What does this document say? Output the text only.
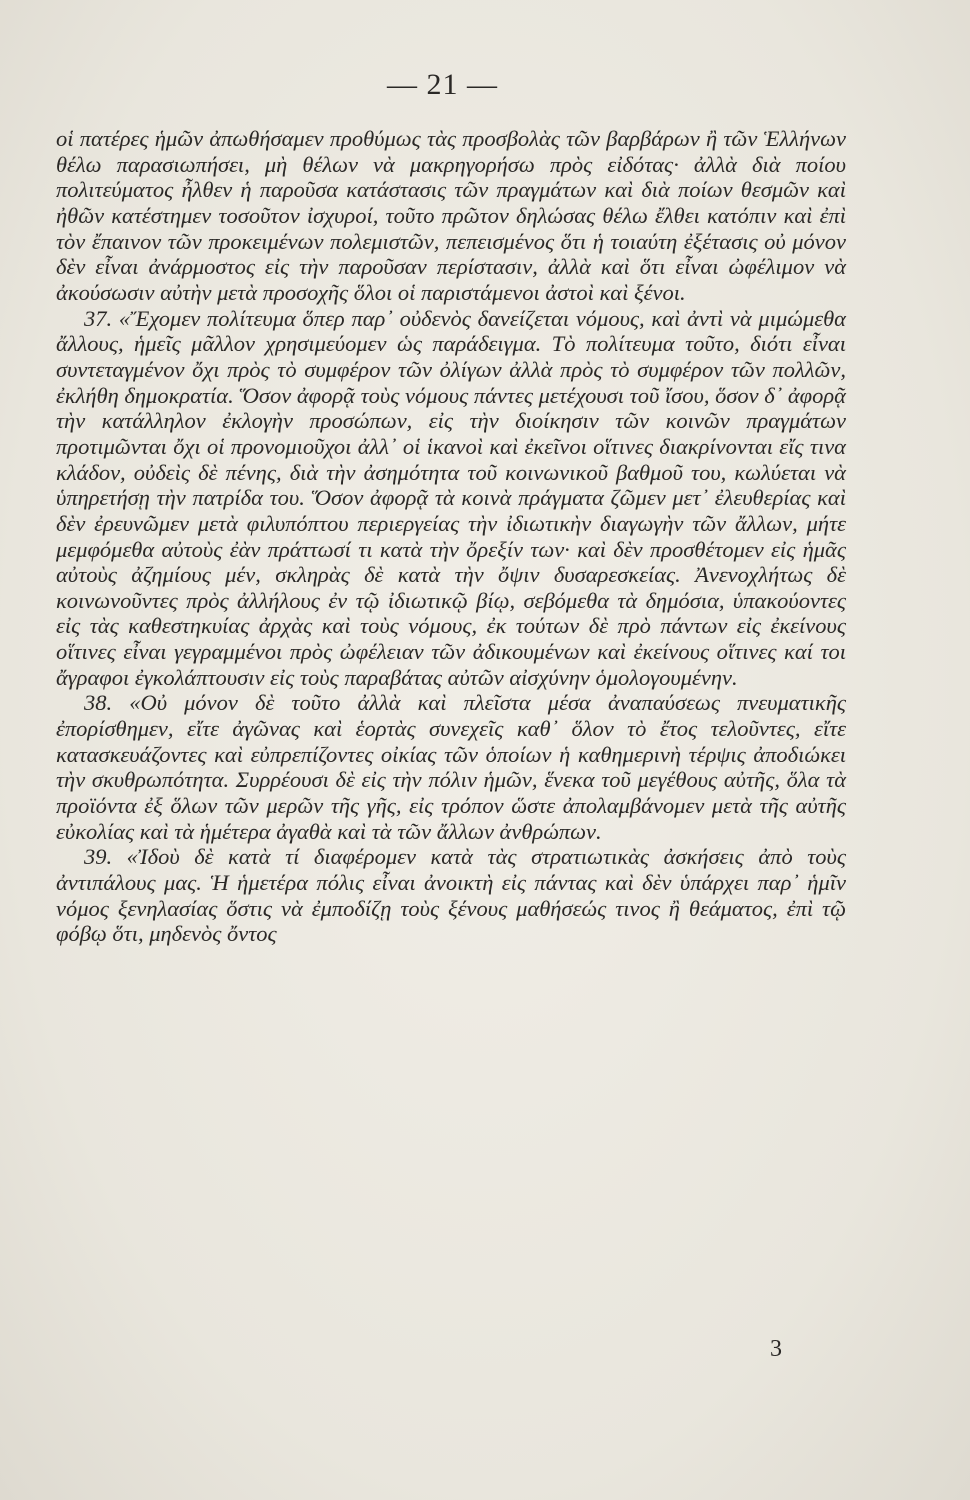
— 21 —

οἱ πατέρες ἡμῶν ἀπωθήσαμεν προθύμως τὰς προσβολὰς τῶν βαρβάρων ἢ τῶν Ἑλλήνων θέλω παρασιωπήσει, μὴ θέλων νὰ μακρηγορήσω πρὸς εἰδότας· ἀλλὰ διὰ ποίου πολιτεύματος ἦλθεν ἡ παροῦσα κατάστασις τῶν πραγμάτων καὶ διὰ ποίων θεσμῶν καὶ ἠθῶν κατέστημεν τοσοῦτον ἰσχυροί, τοῦτο πρῶτον δηλώσας θέλω ἔλθει κατόπιν καὶ ἐπὶ τὸν ἔπαινον τῶν προκειμένων πολεμιστῶν, πεπεισμένος ὅτι ἡ τοιαύτη ἐξέτασις οὐ μόνον δὲν εἶναι ἀνάρμοστος εἰς τὴν παροῦσαν περίστασιν, ἀλλὰ καὶ ὅτι εἶναι ὠφέλιμον νὰ ἀκούσωσιν αὐτὴν μετὰ προσοχῆς ὅλοι οἱ παριστάμενοι ἀστοὶ καὶ ξένοι.

37. «Ἔχομεν πολίτευμα ὅπερ παρ᾽ οὐδενὸς δανείζεται νόμους, καὶ ἀντὶ νὰ μιμώμεθα ἄλλους, ἡμεῖς μᾶλλον χρησιμεύομεν ὡς παράδειγμα. Τὸ πολίτευμα τοῦτο, διότι εἶναι συντεταγμένον ὄχι πρὸς τὸ συμφέρον τῶν ὀλίγων ἀλλὰ πρὸς τὸ συμφέρον τῶν πολλῶν, ἐκλήθη δημοκρατία. Ὅσον ἀφορᾷ τοὺς νόμους πάντες μετέχουσι τοῦ ἴσου, ὅσον δ᾽ ἀφορᾷ τὴν κατάλληλον ἐκλογὴν προσώπων, εἰς τὴν διοίκησιν τῶν κοινῶν πραγμάτων προτιμῶνται ὄχι οἱ προνομιοῦχοι ἀλλ᾽ οἱ ἱκανοὶ καὶ ἐκεῖνοι οἵτινες διακρίνονται εἴς τινα κλάδον, οὐδεὶς δὲ πένης, διὰ τὴν ἀσημότητα τοῦ κοινωνικοῦ βαθμοῦ του, κωλύεται νὰ ὑπηρετήσῃ τὴν πατρίδα του. Ὅσον ἀφορᾷ τὰ κοινὰ πράγματα ζῶμεν μετ᾽ ἐλευθερίας καὶ δὲν ἐρευνῶμεν μετὰ φιλυπόπτου περιεργείας τὴν ἰδιωτικὴν διαγωγὴν τῶν ἄλλων, μήτε μεμφόμεθα αὐτοὺς ἐὰν πράττωσί τι κατὰ τὴν ὄρεξίν των· καὶ δὲν προσθέτομεν εἰς ἡμᾶς αὐτοὺς ἀζημίους μέν, σκληρὰς δὲ κατὰ τὴν ὄψιν δυσαρεσκείας. Ἀνενοχλήτως δὲ κοινωνοῦντες πρὸς ἀλλήλους ἐν τῷ ἰδιωτικῷ βίῳ, σεβόμεθα τὰ δημόσια, ὑπακούοντες εἰς τὰς καθεστηκυίας ἀρχὰς καὶ τοὺς νόμους, ἐκ τούτων δὲ πρὸ πάντων εἰς ἐκείνους οἵτινες εἶναι γεγραμμένοι πρὸς ὠφέλειαν τῶν ἀδικουμένων καὶ ἐκείνους οἵτινες καί τοι ἄγραφοι ἐγκολάπτουσιν εἰς τοὺς παραβάτας αὐτῶν αἰσχύνην ὁμολογουμένην.

38. «Οὐ μόνον δὲ τοῦτο ἀλλὰ καὶ πλεῖστα μέσα ἀναπαύσεως πνευματικῆς ἐπορίσθημεν, εἴτε ἀγῶνας καὶ ἑορτὰς συνεχεῖς καθ᾽ ὅλον τὸ ἔτος τελοῦντες, εἴτε κατασκευάζοντες καὶ εὐπρεπίζοντες οἰκίας τῶν ὁποίων ἡ καθημερινὴ τέρψις ἀποδιώκει τὴν σκυθρωπότητα. Συρρέουσι δὲ εἰς τὴν πόλιν ἡμῶν, ἕνεκα τοῦ μεγέθους αὐτῆς, ὅλα τὰ προϊόντα ἐξ ὅλων τῶν μερῶν τῆς γῆς, εἰς τρόπον ὥστε ἀπολαμβάνομεν μετὰ τῆς αὐτῆς εὐκολίας καὶ τὰ ἡμέτερα ἀγαθὰ καὶ τὰ τῶν ἄλλων ἀνθρώπων.

39. «Ἰδοὺ δὲ κατὰ τί διαφέρομεν κατὰ τὰς στρατιωτικὰς ἀσκήσεις ἀπὸ τοὺς ἀντιπάλους μας. Ἡ ἡμετέρα πόλις εἶναι ἀνοικτὴ εἰς πάντας καὶ δὲν ὑπάρχει παρ᾽ ἡμῖν νόμος ξενηλασίας ὅστις νὰ ἐμποδίζῃ τοὺς ξένους μαθήσεώς τινος ἢ θεάματος, ἐπὶ τῷ φόβῳ ὅτι, μηδενὸς ὄντος

3
